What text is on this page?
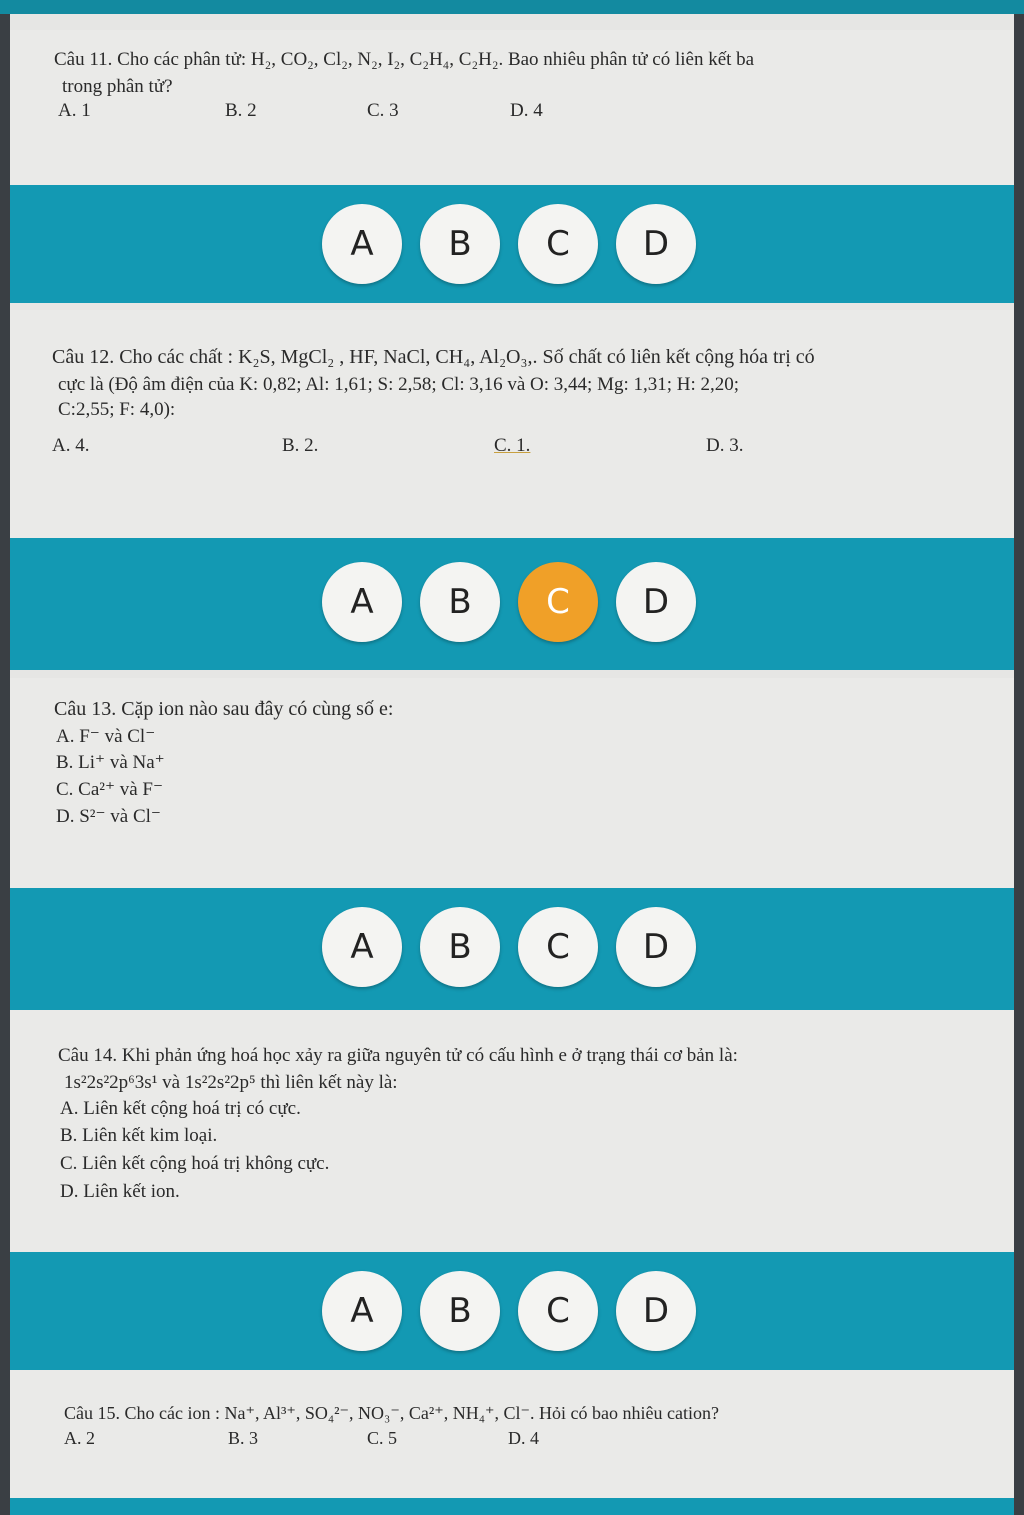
Câu 11. Cho các phân tử: H₂, CO₂, Cl₂, N₂, I₂, C₂H₄, C₂H₂. Bao nhiêu phân tử có liên kết ba
trong phân tử?
A. 1	B. 2	C. 3	D. 4
A	B	C	D
Câu 12. Cho các chất : K₂S, MgCl₂ , HF, NaCl, CH₄, Al₂O₃,. Số chất có liên kết cộng hóa trị có
cực là (Độ âm điện của K: 0,82; Al: 1,61; S: 2,58; Cl: 3,16 và O: 3,44; Mg: 1,31; H: 2,20;
C:2,55; F: 4,0):
A. 4.	B. 2.	C. 1.	D. 3.
A	B	C	D
Câu 13. Cặp ion nào sau đây có cùng số e:
A. F⁻ và Cl⁻
B. Li⁺ và Na⁺
C. Ca²⁺ và F⁻
D. S²⁻ và Cl⁻
A	B	C	D
Câu 14. Khi phản ứng hoá học xảy ra giữa nguyên tử có cấu hình e ở trạng thái cơ bản là:
1s²2s²2p⁶3s¹ và 1s²2s²2p⁵ thì liên kết này là:
A. Liên kết cộng hoá trị có cực.
B. Liên kết kim loại.
C. Liên kết cộng hoá trị không cực.
D. Liên kết ion.
A	B	C	D
Câu 15. Cho các ion : Na⁺, Al³⁺, SO₄²⁻, NO₃⁻, Ca²⁺, NH₄⁺, Cl⁻. Hỏi có bao nhiêu cation?
A. 2	B. 3	C. 5	D. 4
